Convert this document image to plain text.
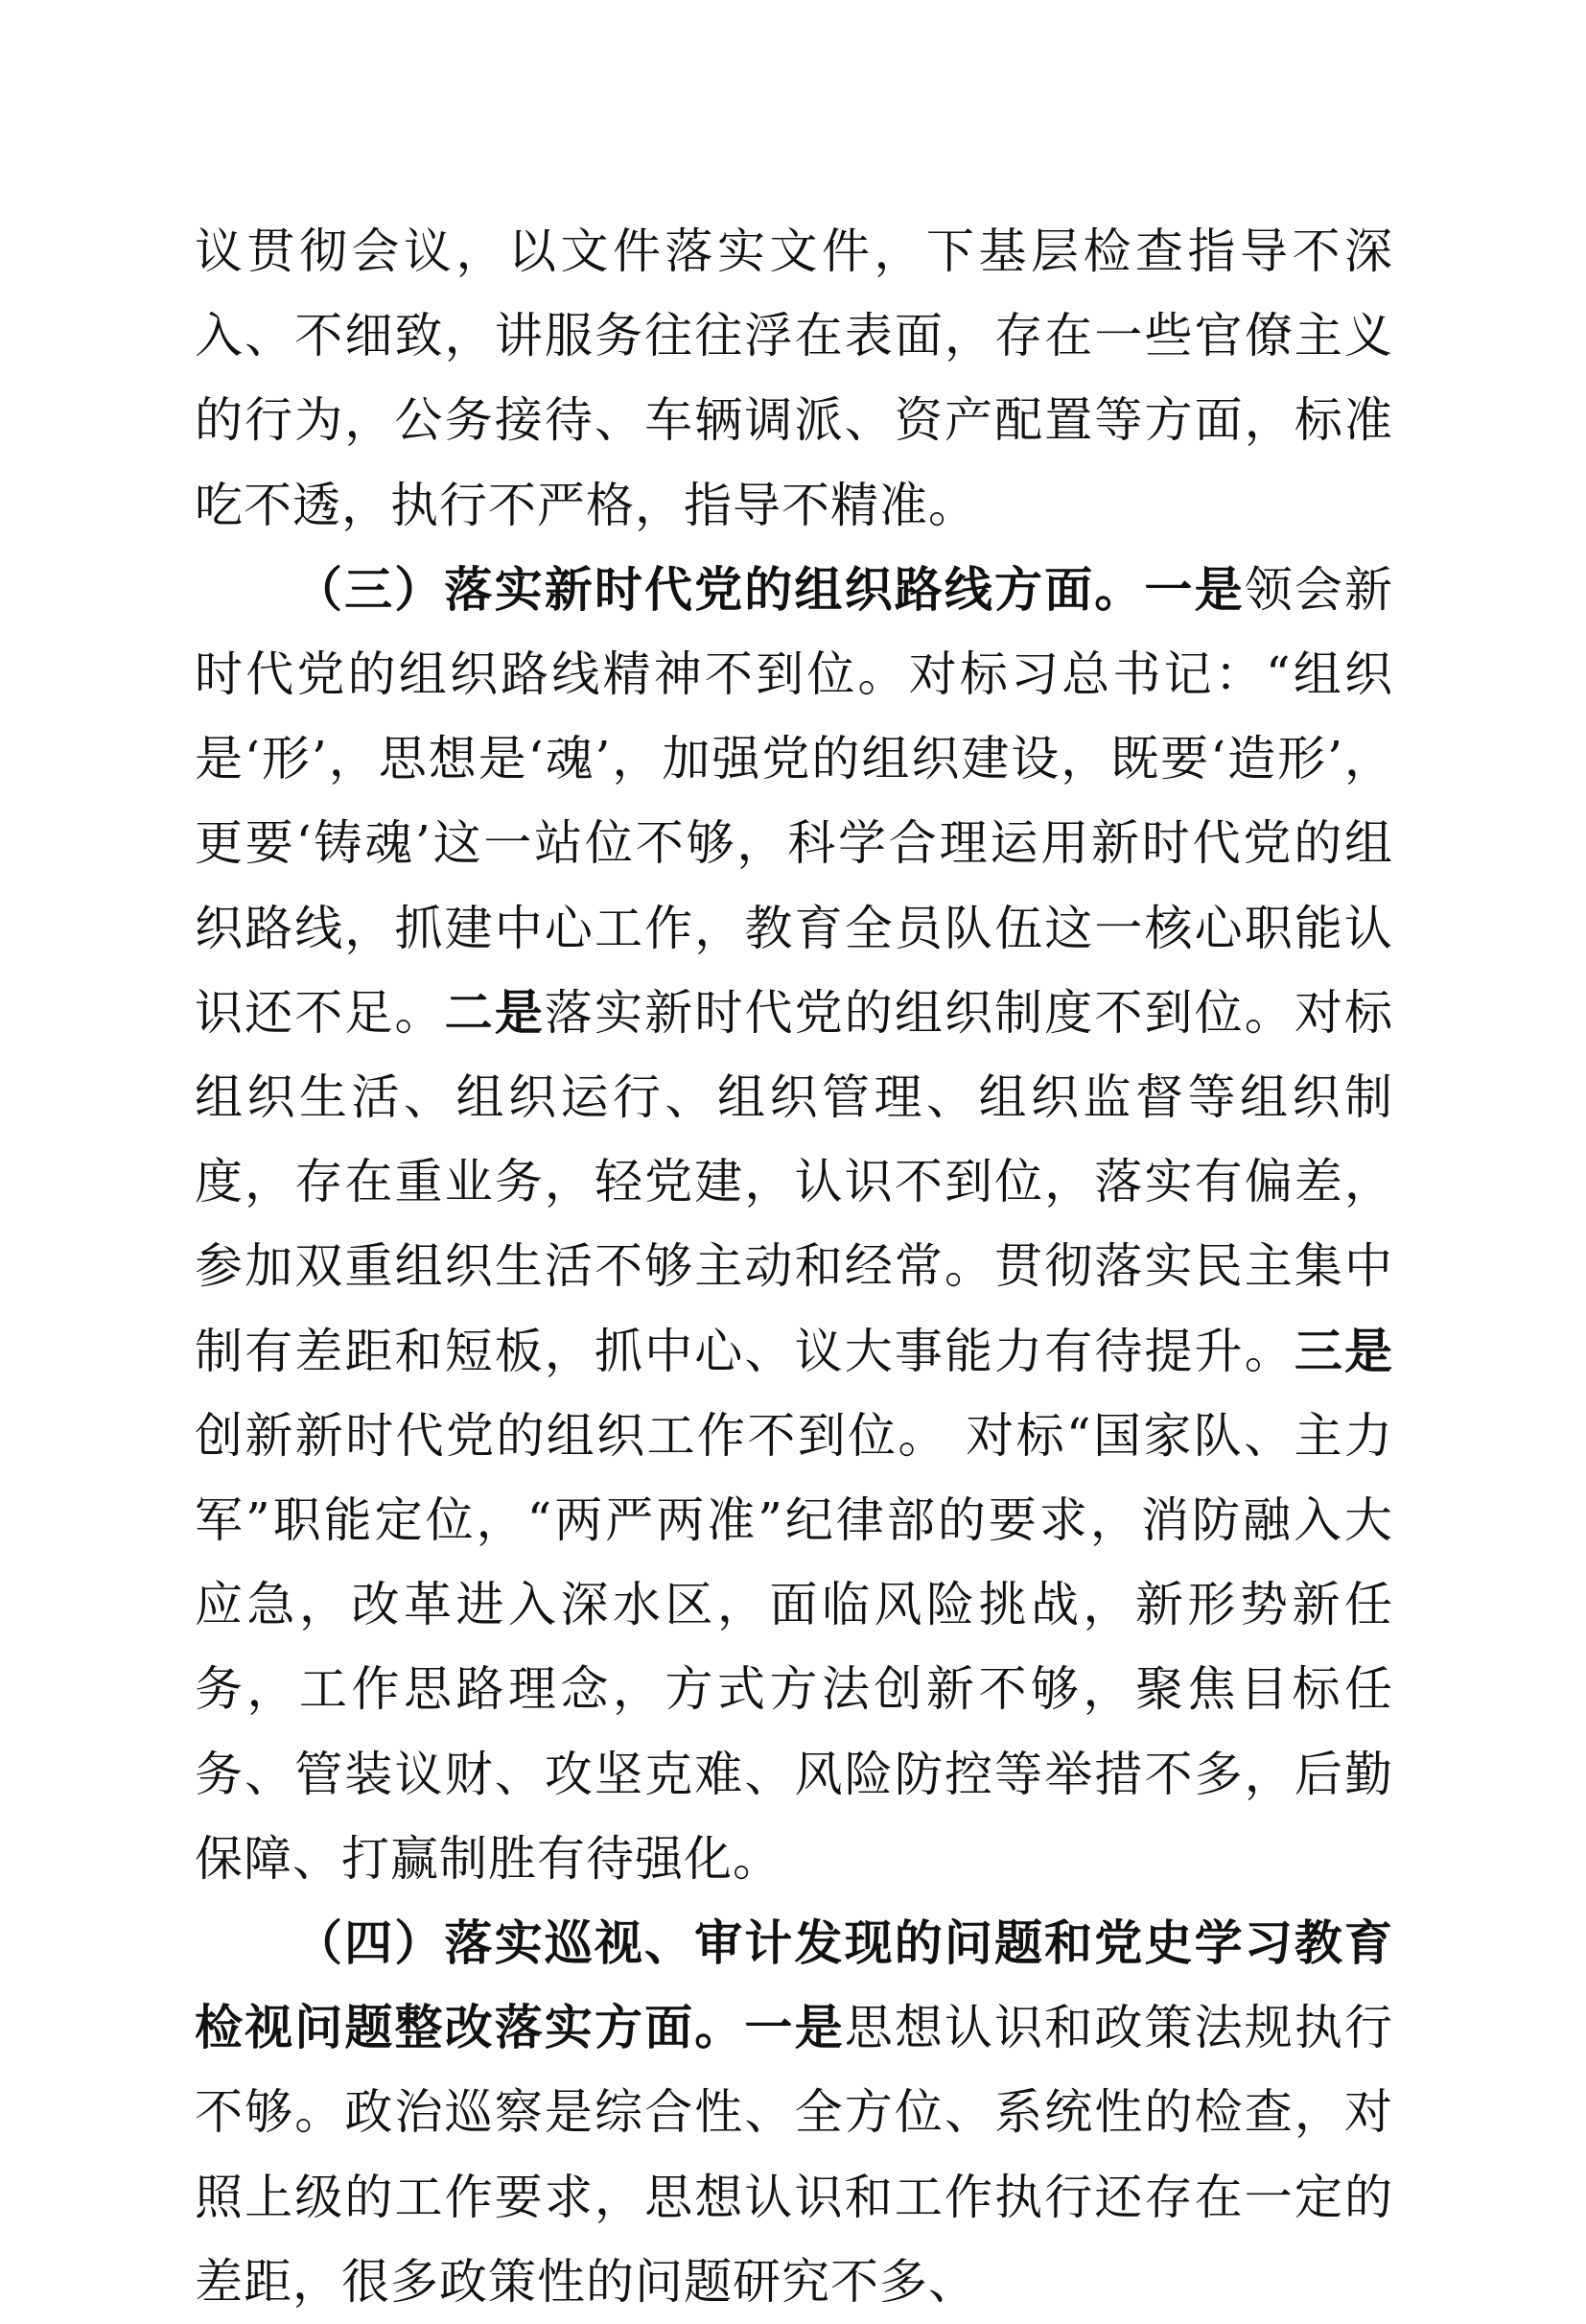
议贯彻会议，以文件落实文件，下基层检查指导不深入、不细致，讲服务往往浮在表面，存在一些官僚主义的行为，公务接待、车辆调派、资产配置等方面，标准吃不透，执行不严格，指导不精准。

（三）落实新时代党的组织路线方面。一是领会新时代党的组织路线精神不到位。对标习总书记：“组织是‘形’，思想是‘魂’，加强党的组织建设，既要‘造形’，更要‘铸魂’这一站位不够，科学合理运用新时代党的组织路线，抓建中心工作，教育全员队伍这一核心职能认识还不足。二是落实新时代党的组织制度不到位。对标组织生活、组织运行、组织管理、组织监督等组织制度，存在重业务，轻党建，认识不到位，落实有偏差，参加双重组织生活不够主动和经常。贯彻落实民主集中制有差距和短板，抓中心、议大事能力有待提升。三是创新新时代党的组织工作不到位。 对标“国家队、主力军”职能定位，“两严两准”纪律部的要求，消防融入大应急，改革进入深水区，面临风险挑战，新形势新任务，工作思路理念，方式方法创新不够，聚焦目标任务、管装议财、攻坚克难、风险防控等举措不多，后勤保障、打赢制胜有待强化。

（四）落实巡视、审计发现的问题和党史学习教育检视问题整改落实方面。一是思想认识和政策法规执行不够。政治巡察是综合性、全方位、系统性的检查，对照上级的工作要求，思想认识和工作执行还存在一定的差距，很多政策性的问题研究不多、
